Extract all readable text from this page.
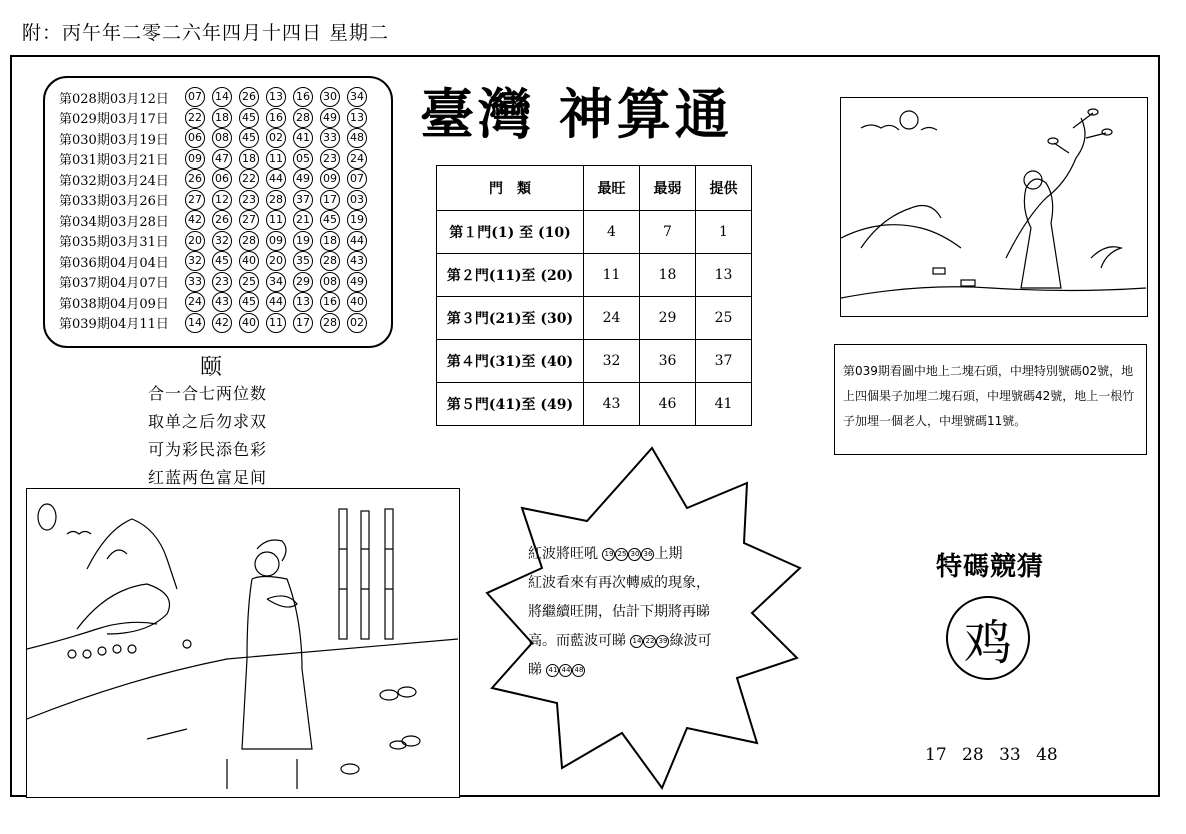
附：丙午年二零二六年四月十四日 星期二
第028期03月12日	07 14 26 13 16 30 34
第029期03月17日	22 18 45 16 28 49 13
第030期03月19日	06 08 45 02 41 33 48
第031期03月21日	09 47 18 11 05 23 24
第032期03月24日	26 06 22 44 49 09 07
第033期03月26日	27 12 23 28 37 17 03
第034期03月28日	42 26 27 11 21 45 19
第035期03月31日	20 32 28 09 19 18 44
第036期04月04日	32 45 40 20 35 28 43
第037期04月07日	33 23 25 34 29 08 49
第038期04月09日	24 43 45 44 13 16 40
第039期04月11日	14 42 40 11 17 28 02
颐
合一合七两位数
取单之后勿求双
可为彩民添色彩
红蓝两色富足间
臺灣 神算通
門　類	最旺	最弱	提供
第１門(1) 至 (10)	4	7	1
第２門(11)至 (20)	11	18	13
第３門(21)至 (30)	24	29	25
第４門(31)至 (40)	32	36	37
第５門(41)至 (49)	43	46	41
第039期看圖中地上二塊石頭，中埋特別號碼02號，地上四個果子加埋二塊石頭，中埋號碼42號，地上一根竹子加埋一個老人，中埋號碼11號。
紅波將旺吼 19 25 30 36 上期
紅波看來有再次轉威的現象，
將繼續旺開，估計下期將再睇
高。而藍波可睇 14 22 39 綠波可
睇 41 44 48
特碼競猜
鸡
17 28 33 48
